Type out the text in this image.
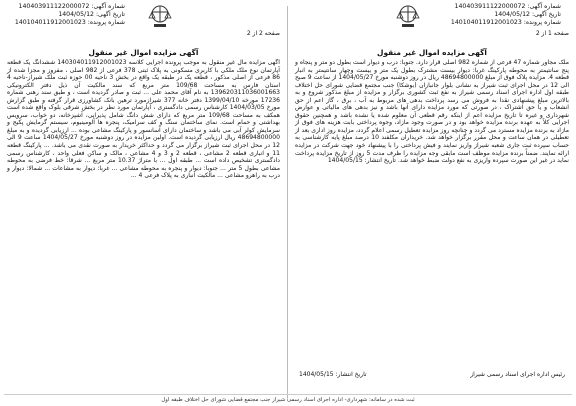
شماره آگهی: 140403911122000072
تاریخ آگهی: 1404/05/12
شماره پرونده: 140104011912001023
صفحه 2 از 2
آگهی مزایده اموال غیر منقول

آگهی مزایده مال غیر منقول به موجب پرونده اجرایی کلاسه 140304011912001023 ششدانگ یک قطعه آپارتمان نوع ملک ملکی با کاربری مسکونی به پلاک ثبتی 378 فرعی از 982 اصلی ، مفروز و مجزا شده از 86 فرعی از اصلی مذکور ، قطعه یک در طبقه یک واقع در بخش 3 ناحیه 00 حوزه ثبت ملک شیراز-ناحیه 4 استان فارس به مساحت 109/68 متر مربع که سند مالکیت آن ذیل دفتر الکترونیکی 139620311036001663 به نام آقای محمد علی ... ثبت و صادر گردیده است ، و طبق سند رهنی شماره 17236 مورخه 1399/04/10 دفتر خانه 377 شیرازمورد ترهین بانک کشاورزی قرار گرفته و طبق گزارش مورخ 1404/03/05 کارشناس رسمی دادگستری ، آپارتمان مورد نظر در بخش شرقی بلوک واقع شده است همکف به مساحت 109/68 متر مربع که دارای شش دانگ شامل پذیرایی، آشپزخانه، دو خواب، سرویس بهداشتی و حمام است. نمای ساختمان سنگ و کف سرامیک، پنجره ها آلومینیوم، سیستم گرمایش پکیج و سرمایش کولر آبی می باشد و ساختمان دارای آسانسور و پارکینگ مشاعی بوده ... ارزیابی گردیده و به مبلغ 48694800000 ریال ارزیابی گردیده است. اولین مزایده در روز دوشنبه مورخ 1404/05/27 ساعت 9 الی 12 در محل اجرای ثبت شیراز برگزار می گردد و حداکثر خریدار به صورت نقدی می باشد. ... پارکینگ قطعه 11 و انباری قطعه 2 مشاعی ، قطعه 2 و 3 و 4 مشاعی ، مالک و ساکن فعلی واحد ، کارشناس رسمی دادگستری تشخیص داده است ... طبقه اول ... با متراژ 10.37 متر مربع ... شرقا: خط فرضی به محوطه مشاعی بطول 5 متر ... جنوبا: دیوار و پنجره به محوطه مشاعی ... غربا: دیوار به مشاعات ... شمالا: دیوار و درب به راهرو مشاعی ... مالکیت انباری به پلاک فرعی 4 ...

شماره آگهی: 140403911122000072
تاریخ آگهی: 1404/05/12
شماره پرونده: 140104011912001023
صفحه 1 از 2
آگهی مزایده اموال غیر منقول

ملک مجاور شماره 47 فرعی از شماره 982 اصلی قرار دارد. جنوبا: درب و دیوار است بطول دو متر و پنجاه و پنج سانتیمتر به محوطه پارکینگ غربا: دیوار بیست مشترک بطول یک متر و بیست وچهار سانتیمتر به انبار قطعه 4. مزایده پلاک فوق از مبلغ 48694800000 ریال در روز دوشنبه مورخ 1404/05/27 از ساعت 9 صبح الی 12 در محل اجرای ثبت شیراز به نشانی بلوار جانبازان (بوشکا) جنب مجتمع قضایی شورای حل اختلاف طبقه اول اداره اجرای اسناد رسمی شیراز به نفع ثبت کشوری برگزار و مزایده از مبلغ مذکور شروع و به بالاترین مبلغ پیشنهادی نقدا به فروش می رسد پرداخت بدهی های مربوط به آب ، برق ، گاز اعم از حق انشعاب و یا حق اشتراک ، در صورتی که مورد مزایده دارای آنها باشد و نیز بدهی های مالیاتی و عوارض شهرداری و غیره تا تاریخ مزایده اعم از اینکه رقم قطعی آن معلوم شده یا نشده باشد و همچنین حقوق اجرایی کلاً به عهده برنده مزایده خواهد بود و در صورت وجود مازاد، وجوه پرداختی بابت هزینه های فوق از مازاد به برنده مزایده مسترد می گردد و چنانچه روز مزایده تعطیل رسمی اعلام گردد، مزایده روز اداری بعد از تعطیلی در همان ساعت و محل مقرر برگزار خواهد شد. خریداران مکلفند 10 درصد مبلغ پایه کارشناسی به حساب سپرده ثبت جاری شعبه شیراز واریز نمایند و فیش پرداختی را با پیشنهاد خود جهت شرکت در مزایده ارائه نمایند. ضمناً برنده مزایده موظف است مابقی وجه مزایده را ظرف مدت 5 روز از تاریخ مزایده پرداخت نماید در غیر این صورت سپرده واریزی به نفع دولت ضبط خواهد شد. تاریخ انتشار: 1404/05/15

رئیس اداره اجرای اسناد رسمی شیراز
تاریخ انتشار: 1404/05/15
ثبت شده در سامانه: شهرداری- اداره اجرای اسناد رسمی شیراز جنب مجتمع قضایی شورای حل اختلاف طبقه اول
